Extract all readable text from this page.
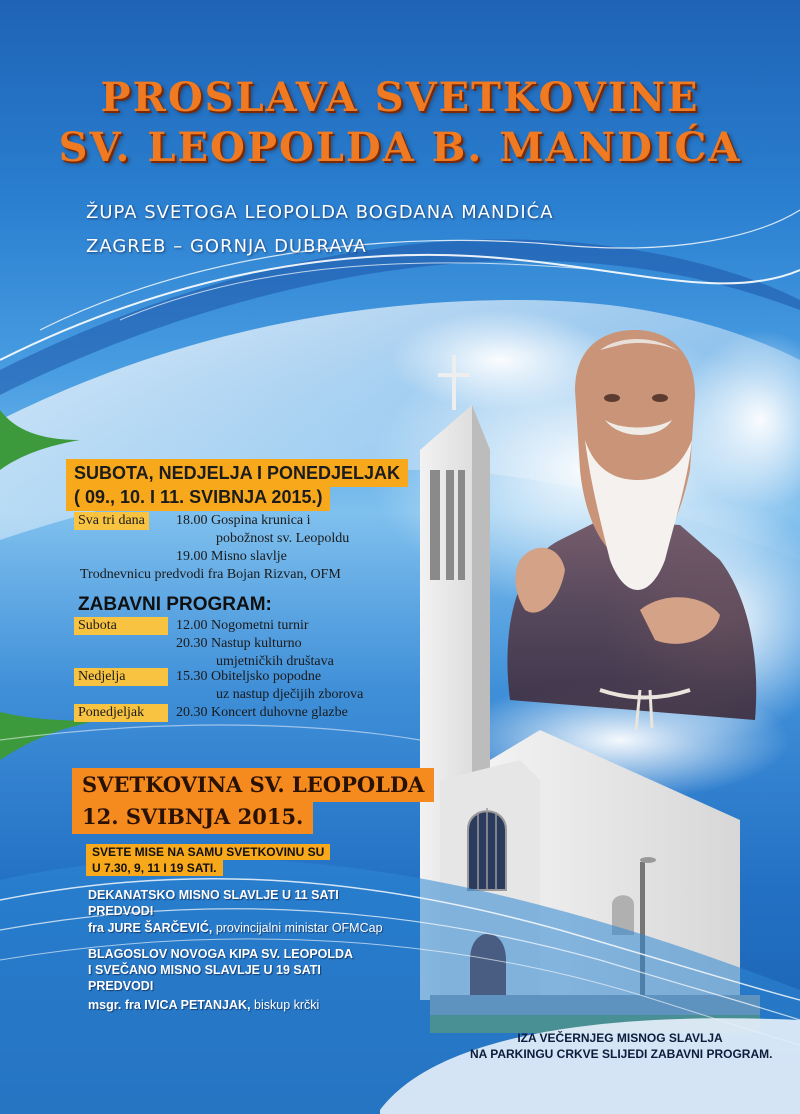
PROSLAVA SVETKOVINE
SV. LEOPOLDA B. MANDIĆA
ŽUPA SVETOGA LEOPOLDA BOGDANA MANDIĆA
ZAGREB – GORNJA DUBRAVA
SUBOTA, NEDJELJA I PONEDJELJAK
( 09., 10. I 11. SVIBNJA 2015.)
Sva tri dana 18.00 Gospina krunica i
pobožnost sv. Leopoldu
19.00 Misno slavlje
Trodnevnicu predvodi fra Bojan Rizvan, OFM
ZABAVNI PROGRAM:
Subota	12.00 Nogometni turnir
20.30 Nastup kulturno
umjetničkih društava
Nedjelja	15.30 Obiteljsko popodne
uz nastup dječijih zborova
Ponedjeljak	20.30 Koncert duhovne glazbe
SVETKOVINA SV. LEOPOLDA
12. SVIBNJA 2015.
SVETE MISE NA SAMU SVETKOVINU SU
U 7.30, 9, 11 I 19 SATI.
DEKANATSKO MISNO SLAVLJE U 11 SATI
PREDVODI
fra JURE ŠARČEVIĆ, provincijalni ministar OFMCap
BLAGOSLOV NOVOGA KIPA SV. LEOPOLDA
I SVEČANO MISNO SLAVLJE U 19 SATI
PREDVODI
msgr. fra IVICA PETANJAK, biskup krčki
IZA VEČERNJEG MISNOG SLAVLJA
NA PARKINGU CRKVE SLIJEDI ZABAVNI PROGRAM.
